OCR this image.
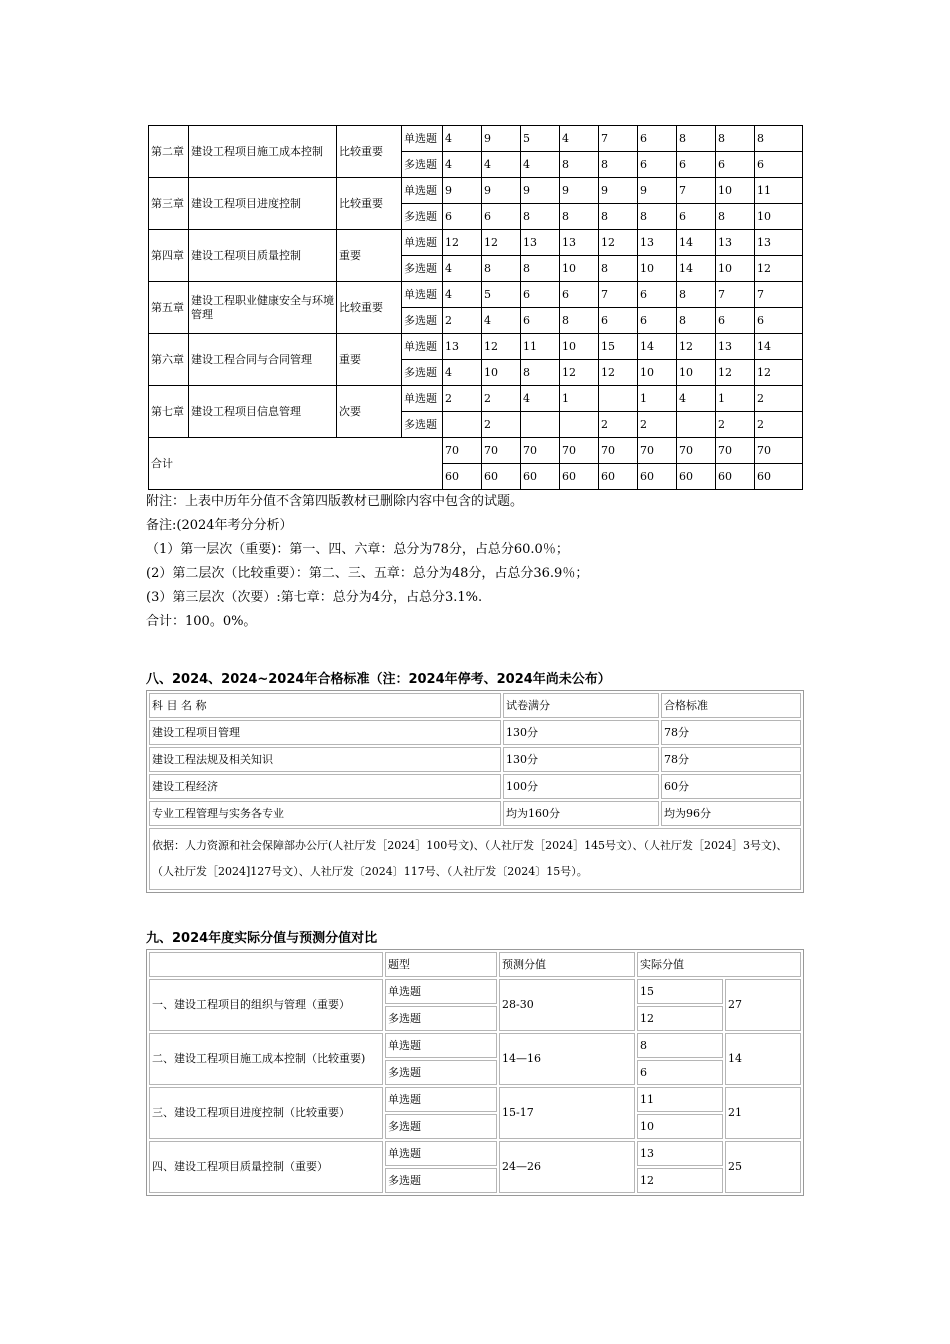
第二章	建设工程项目施工成本控制	比较重要	单选题	4	9	5	4	7	6	8	8	8
			多选题	4	4	4	8	8	6	6	6	6
第三章	建设工程项目进度控制	比较重要	单选题	9	9	9	9	9	9	7	10	11
			多选题	6	6	8	8	8	8	6	8	10
第四章	建设工程项目质量控制	重要	单选题	12	12	13	13	12	13	14	13	13
			多选题	4	8	8	10	8	10	14	10	12
第五章	建设工程职业健康安全与环境管理	比较重要	单选题	4	5	6	6	7	6	8	7	7
			多选题	2	4	6	8	6	6	8	6	6
第六章	建设工程合同与合同管理	重要	单选题	13	12	11	10	15	14	12	13	14
			多选题	4	10	8	12	12	10	10	12	12
第七章	建设工程项目信息管理	次要	单选题	2	2	4	1		1	4	1	2
			多选题		2			2	2		2	2
合计				70	70	70	70	70	70	70	70	70
				60	60	60	60	60	60	60	60	60

附注：上表中历年分值不含第四版教材已删除内容中包含的试题。

备注:(2024年考分分析）

（1）第一层次（重要)：第一、四、六章：总分为78分，占总分60.0％；

(2）第二层次（比较重要）：第二、三、五章：总分为48分，占总分36.9％；

(3）第三层次（次要）:第七章：总分为4分，占总分3.1%.

合计：100。0%。

八、2024、2024~2024年合格标准（注：2024年停考、2024年尚未公布）
科 目 名 称	试卷满分	合格标准
建设工程项目管理	130分	78分
建设工程法规及相关知识	130分	78分
建设工程经济	100分	60分
专业工程管理与实务各专业	均为160分	均为96分
依据：人力资源和社会保障部办公厅(人社厅发［2024］100号文)、（人社厅发［2024］145号文）、（人社厅发［2024］3号文)、（人社厅发［2024]127号文）、人社厅发〔2024〕117号、（人社厅发〔2024〕15号）。		
九、2024年度实际分值与预测分值对比
	题型	预测分值	实际分值	
一、建设工程项目的组织与管理（重要）	单选题	28-30	15	27
	多选题		12	
二、建设工程项目施工成本控制（比较重要)	单选题	14—16	8	14
	多选题		6	
三、建设工程项目进度控制（比较重要）	单选题	15-17	11	21
	多选题		10	
四、建设工程项目质量控制（重要）	单选题	24—26	13	25
	多选题		12	
